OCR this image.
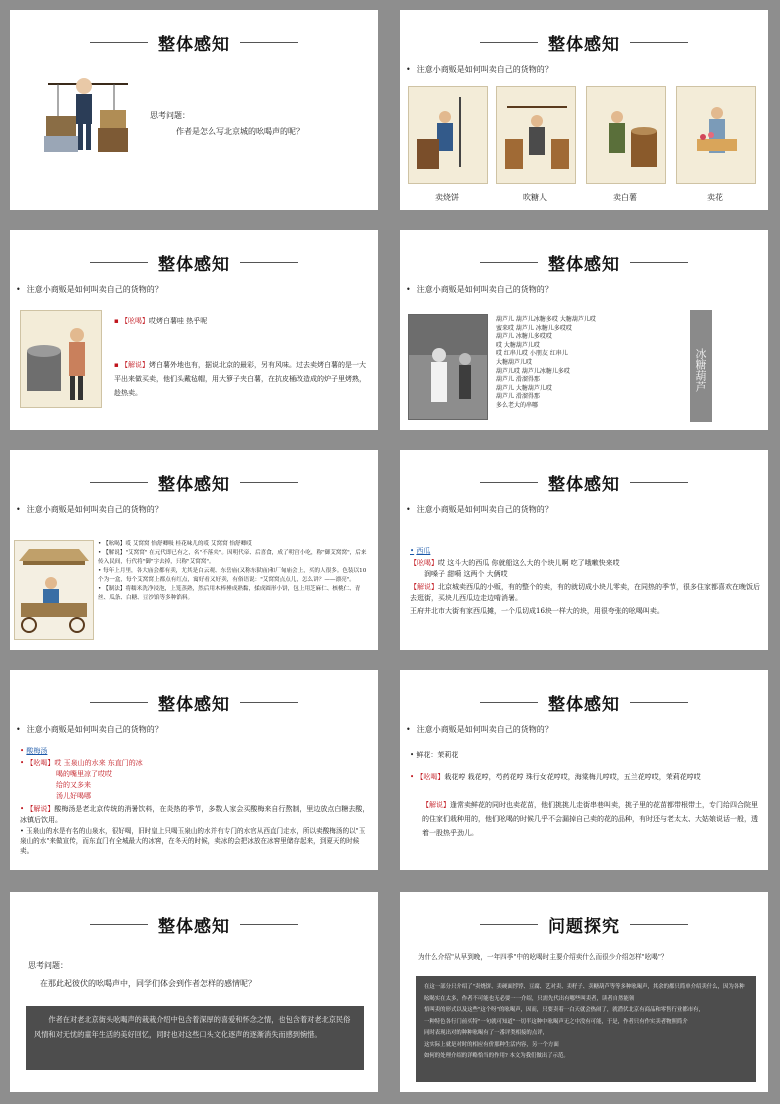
整体感知
思考问题：
作者是怎么写北京城的吆喝声的呢？
整体感知
• 注意小商贩是如何叫卖自己的货物的？
卖烧饼	吹糖人	卖白薯	卖花
整体感知
• 注意小商贩是如何叫卖自己的货物的？
▪ 【吆喝】哎烤白薯哇 热乎呢
▪ 【解说】烤白薯外地也有，据说北京的最彩，另有风味。过去卖烤白薯的是一大平出来做买卖，他们头戴毡帽，用大箩子夹白薯，在抗皮桶改造成的炉子里烤熟，趁热卖。
整体感知
• 注意小商贩是如何叫卖自己的货物的？
葫芦儿 葫芦儿冰糖多哎 大糖葫芦儿哎
蜜来哎 葫芦儿 冰糖儿多哎哎
葫芦儿 冰糖儿多哎哎
哎 大糖葫芦儿哎
哎 红串儿哎 小朋友 红串儿
大糖葫芦儿哎
葫芦儿哎 葫芦儿冰糖儿多哎
葫芦儿 滑溜得那
葫芦儿 大糖葫芦儿哎
葫芦儿 滑溜得那
多么老大的串哪
冰糖葫芦
整体感知
• 注意小商贩是如何叫卖自己的货物的？
• 【吆喝】哎 艾窝窝 怡舒卿吸 桂花味儿的哎 艾窝窝 怡舒卿哎
• 【解说】"艾窝窝" 在元代即已有之，名"不落夹"。因明代帝、后喜食，成了明宫小吃，称"御艾窝窝"，后来传入民间，行代将"御"字去掉，只称"艾窝窝"。
• 每年上月里，各大庙会都有卖，尤其是白云观、东岳庙(又称东狱庙)和厂甸庙会上，买的人很多。色装以10个为一盒，每个艾窝窝上都点有红点，寓好看又好卖，有俗语说："艾窝窝点点儿，怎么讲？——漂亮"。
• 【制法】将糯米洗净浸泡，上笼蒸熟，然后用木棒捶成熟黏，揉成圆形小饼，包上用芝麻仁、核桃仁、青丝、瓜条、白糖、豆沙馅等多种馅料。
整体感知
• 注意小商贩是如何叫卖自己的货物的？
• 西瓜
【吆喝】哎 这斗大的西瓜 你就船这么大的个块儿啊 吃了哦嗽快来哎
润嗓子 甜嗬 这两个 大俩哎
【解说】北京城卖西瓜的小贩，有的整个的卖，有的就切成小块儿零卖，在同热的季节，很多住家都喜欢在晚饭后去逛街，买块儿西瓜边走边啃消暑。
王府井北市大街有家西瓜摊，一个瓜切成16块一样大的块，用很夸张的吆喝叫卖。
整体感知
• 注意小商贩是如何叫卖自己的货物的？
• 酸梅汤
• 【吆喝】哎 玉泉山的水来 东直门的冰
喝的嘴里凉了哎哎
给的又多来
汤儿好喝哪
• 【解说】酸梅汤是老北京传统的消暑饮料，在炎热的季节，多数人家会买酸梅来自行熬制，里边放点白糖去酸，冰镇后饮用。
• 玉泉山的水是有名的山泉水，很好喝，旧时皇上只喝玉泉山的水并有专门的水官从西直门走水，所以卖酸梅汤的以"玉泉山的水"来做宣传，而东直门有全城最大的冰窖，在冬天的时候，卖冰的会把冰放在冰窖里储存起来，到夏天的时候卖。
整体感知
• 注意小商贩是如何叫卖自己的货物的？
• 鲜花：茉莉花
• 【吆喝】栽花哼 栽花哼，芍药花哼 珠行女花哼哎，海棠梅儿哼哎，五兰花哼哎，茉莉花哼哎
【解说】逢常卖鲜花的同时也卖花苗，他们挑挑儿走街串巷叫卖，挑子里的花苗都带根带土，专门给四合院里的住家们栽种用的，他们吆喝的时候几乎不会漏掉自己卖的花的品种，有时还与老太太、大姑娘说话一般，透着一股热乎劲儿。
整体感知
思考问题：
在那此起彼伏的吆喝声中，同学们体会到作者怎样的感情呢？
作者在对老北京街头吆喝声的栽栽介绍中包含着深厚的喜爱和怀念之情，也包含着对老北京民俗风情和对无忧的童年生活的美好回忆，同时也对这些口头文化逐声的逐渐消失而感到惋惜。
问题探究
为什么介绍"从早到晚，一年四季"中的吆喝时主要介绍卖什么而很少介绍怎样"吆喝"？
在这一部分只介绍了"卖烧饼、卖硬面饽饽、豆腐、艺对卖、卖籽子、卖糖葫芦等等多种吆喝声，其余的都只简单介绍卖什么，因为各种吆喝实在太多，作者不可能也无必要一一介绍，只需先代出有哪些叫卖者，读者自然能领
悟叫卖的形式以及这些"这个呀"的吆喝声，因而，只要卖着一白天就会热闹了，就潜伏北京有商品和零售行业都市有，
一种特色各行门前买特"一句就可知道"一切半这种中吆喝声无之中没有可能，于是，作者只有作实卖者物照简介
同时表现出对的种种吆喝有了一番评类相接的点评，
这实际上就是对时的相应有价那种生活内容，另一个方面
如何的处理介绍的详略恰当的作用? 本文为我们做出了示范。
